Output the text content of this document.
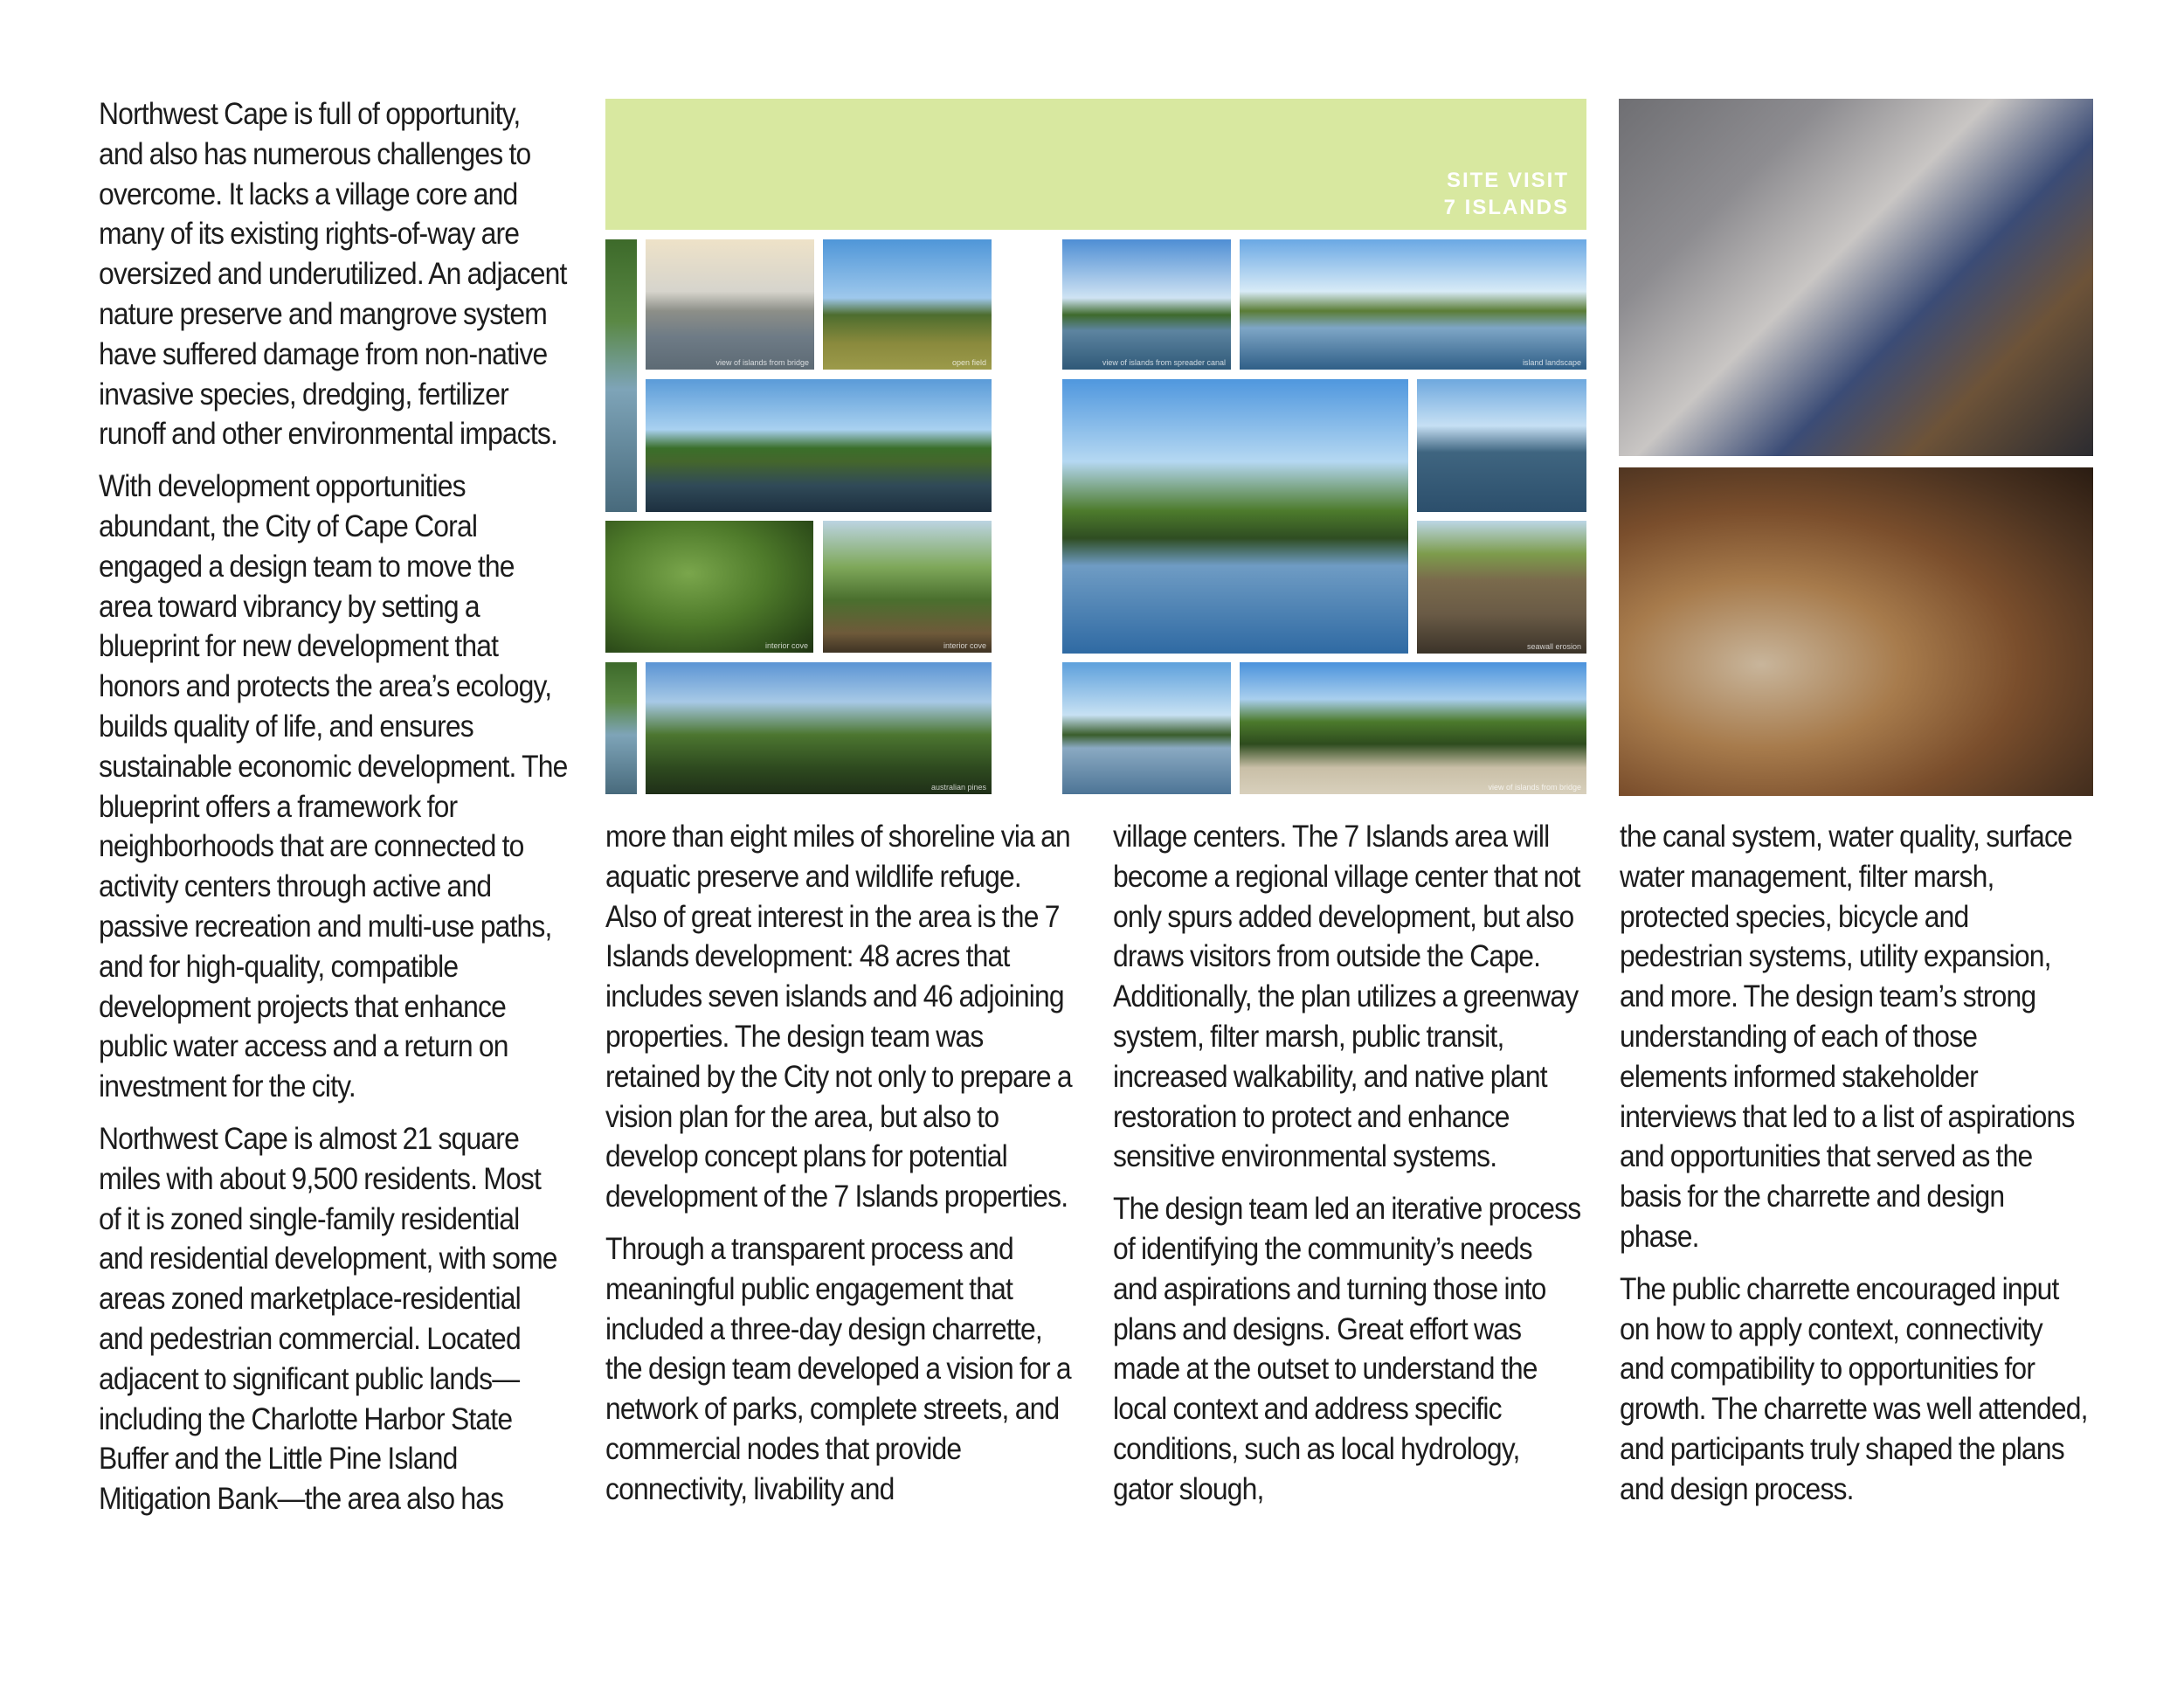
Northwest Cape is full of opportunity, and also has numerous challenges to overcome. It lacks a village core and many of its existing rights-of-way are oversized and underutilized. An adjacent nature preserve and mangrove system have suffered damage from non-native invasive species, dredging, fertilizer runoff and other environmental impacts.

With development opportunities abundant, the City of Cape Coral engaged a design team to move the area toward vibrancy by setting a blueprint for new development that honors and protects the area’s ecology, builds quality of life, and ensures sustainable economic development. The blueprint offers a framework for neighborhoods that are connected to activity centers through active and passive recreation and multi-use paths, and for high-quality, compatible development projects that enhance public water access and a return on investment for the city.

Northwest Cape is almost 21 square miles with about 9,500 residents. Most of it is zoned single-family residential and residential development, with some areas zoned marketplace-residential and pedestrian commercial. Located adjacent to significant public lands—including the Charlotte Harbor State Buffer and the Little Pine Island Mitigation Bank—the area also has

SITE VISIT
7 ISLANDS
view of islands from bridge	open field
interior cove	interior cove
australian pines
view of islands from spreader canal	island landscape
seawall erosion
view of islands from bridge

more than eight miles of shoreline via an aquatic preserve and wildlife refuge. Also of great interest in the area is the 7 Islands development: 48 acres that includes seven islands and 46 adjoining properties. The design team was retained by the City not only to prepare a vision plan for the area, but also to develop concept plans for potential development of the 7 Islands properties.

Through a transparent process and meaningful public engagement that included a three-day design charrette, the design team developed a vision for a network of parks, complete streets, and commercial nodes that provide connectivity, livability and

village centers. The 7 Islands area will become a regional village center that not only spurs added development, but also draws visitors from outside the Cape. Additionally, the plan utilizes a greenway system, filter marsh, public transit, increased walkability, and native plant restoration to protect and enhance sensitive environmental systems.

The design team led an iterative process of identifying the community’s needs and aspirations and turning those into plans and designs. Great effort was made at the outset to understand the local context and address specific conditions, such as local hydrology, gator slough,

the canal system, water quality, surface water management, filter marsh, protected species, bicycle and pedestrian systems, utility expansion, and more. The design team’s strong understanding of each of those elements informed stakeholder interviews that led to a list of aspirations and opportunities that served as the basis for the charrette and design phase.

The public charrette encouraged input on how to apply context, connectivity and compatibility to opportunities for growth. The charrette was well attended, and participants truly shaped the plans and design process.
